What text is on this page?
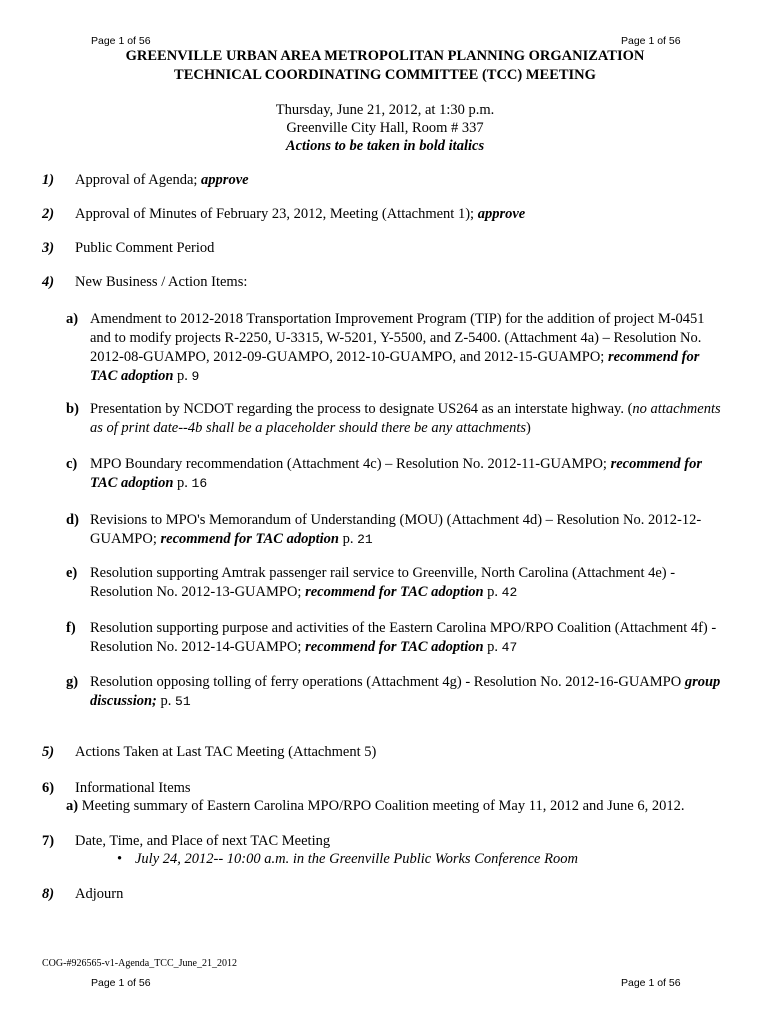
Page 1 of 56	Page 1 of 56
GREENVILLE URBAN AREA METROPOLITAN PLANNING ORGANIZATION
TECHNICAL COORDINATING COMMITTEE (TCC) MEETING
Thursday, June 21, 2012, at 1:30 p.m.
Greenville City Hall, Room # 337
Actions to be taken in bold italics
1) Approval of Agenda; approve
2) Approval of Minutes of February 23, 2012, Meeting (Attachment 1); approve
3) Public Comment Period
4) New Business / Action Items:
a) Amendment to 2012-2018 Transportation Improvement Program (TIP) for the addition of project M-0451 and to modify projects R-2250, U-3315, W-5201, Y-5500, and Z-5400. (Attachment 4a) – Resolution No. 2012-08-GUAMPO, 2012-09-GUAMPO, 2012-10-GUAMPO, and 2012-15-GUAMPO; recommend for TAC adoption p. 9
b) Presentation by NCDOT regarding the process to designate US264 as an interstate highway. (no attachments as of print date--4b shall be a placeholder should there be any attachments)
c) MPO Boundary recommendation (Attachment 4c) – Resolution No. 2012-11-GUAMPO; recommend for TAC adoption p. 16
d) Revisions to MPO's Memorandum of Understanding (MOU) (Attachment 4d) – Resolution No. 2012-12-GUAMPO; recommend for TAC adoption p. 21
e) Resolution supporting Amtrak passenger rail service to Greenville, North Carolina (Attachment 4e) - Resolution No. 2012-13-GUAMPO; recommend for TAC adoption p. 42
f) Resolution supporting purpose and activities of the Eastern Carolina MPO/RPO Coalition (Attachment 4f) - Resolution No. 2012-14-GUAMPO; recommend for TAC adoption p. 47
g) Resolution opposing tolling of ferry operations (Attachment 4g) - Resolution No. 2012-16-GUAMPO group discussion; p. 51
5) Actions Taken at Last TAC Meeting (Attachment 5)
6) Informational Items
a) Meeting summary of Eastern Carolina MPO/RPO Coalition meeting of May 11, 2012 and June 6, 2012.
7) Date, Time, and Place of next TAC Meeting
• July 24, 2012-- 10:00 a.m. in the Greenville Public Works Conference Room
8) Adjourn
COG-#926565-v1-Agenda_TCC_June_21_2012
Page 1 of 56	Page 1 of 56
